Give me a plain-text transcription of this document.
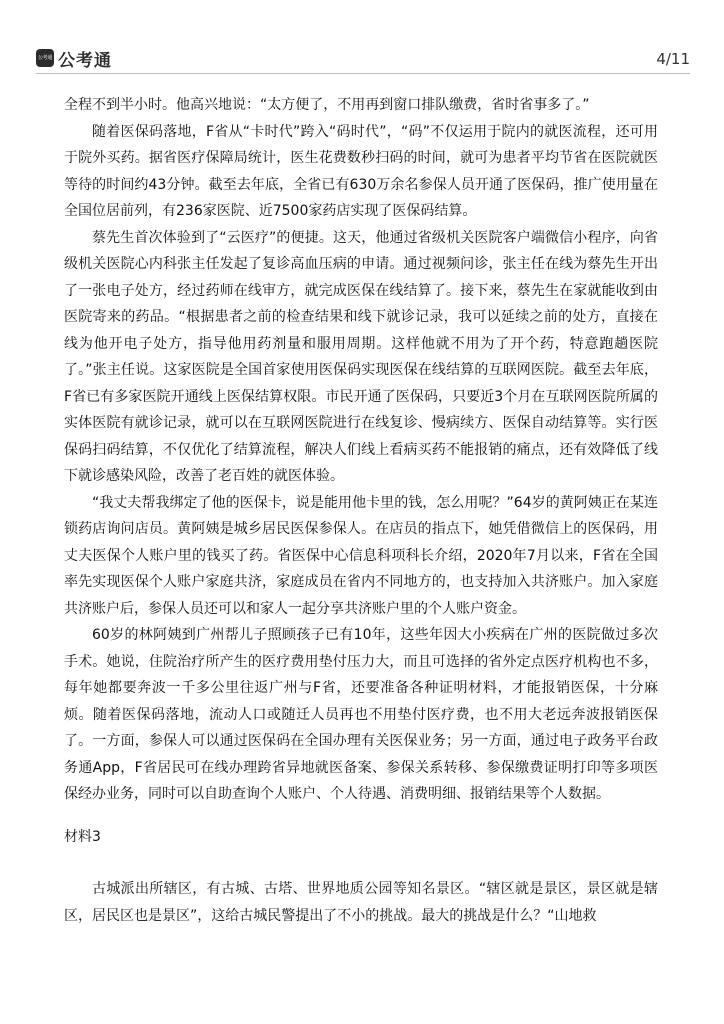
公考通 公考通	4/11

全程不到半小时。他高兴地说：“太方便了，不用再到窗口排队缴费，省时省事多了。”

随着医保码落地，F省从“卡时代”跨入“码时代”，“码”不仅运用于院内的就医流程，还可用于院外买药。据省医疗保障局统计，医生花费数秒扫码的时间，就可为患者平均节省在医院就医等待的时间约43分钟。截至去年底，全省已有630万余名参保人员开通了医保码，推广使用量在全国位居前列，有236家医院、近7500家药店实现了医保码结算。

蔡先生首次体验到了“云医疗”的便捷。这天，他通过省级机关医院客户端微信小程序，向省级机关医院心内科张主任发起了复诊高血压病的申请。通过视频问诊，张主任在线为蔡先生开出了一张电子处方，经过药师在线审方，就完成医保在线结算了。接下来，蔡先生在家就能收到由医院寄来的药品。“根据患者之前的检查结果和线下就诊记录，我可以延续之前的处方，直接在线为他开电子处方，指导他用药剂量和服用周期。这样他就不用为了开个药，特意跑趟医院了。”张主任说。这家医院是全国首家使用医保码实现医保在线结算的互联网医院。截至去年底，F省已有多家医院开通线上医保结算权限。市民开通了医保码，只要近3个月在互联网医院所属的实体医院有就诊记录，就可以在互联网医院进行在线复诊、慢病续方、医保自动结算等。实行医保码扫码结算，不仅优化了结算流程，解决人们线上看病买药不能报销的痛点，还有效降低了线下就诊感染风险，改善了老百姓的就医体验。

“我丈夫帮我绑定了他的医保卡，说是能用他卡里的钱，怎么用呢？”64岁的黄阿姨正在某连锁药店询问店员。黄阿姨是城乡居民医保参保人。在店员的指点下，她凭借微信上的医保码，用丈夫医保个人账户里的钱买了药。省医保中心信息科项科长介绍，2020年7月以来，F省在全国率先实现医保个人账户家庭共济，家庭成员在省内不同地方的，也支持加入共济账户。加入家庭共济账户后，参保人员还可以和家人一起分享共济账户里的个人账户资金。

60岁的林阿姨到广州帮儿子照顾孩子已有10年，这些年因大小疾病在广州的医院做过多次手术。她说，住院治疗所产生的医疗费用垫付压力大，而且可选择的省外定点医疗机构也不多，每年她都要奔波一千多公里往返广州与F省，还要准备各种证明材料，才能报销医保，十分麻烦。随着医保码落地，流动人口或随迁人员再也不用垫付医疗费，也不用大老远奔波报销医保了。一方面，参保人可以通过医保码在全国办理有关医保业务；另一方面，通过电子政务平台政务通App，F省居民可在线办理跨省异地就医备案、参保关系转移、参保缴费证明打印等多项医保经办业务，同时可以自助查询个人账户、个人待遇、消费明细、报销结果等个人数据。

材料3

古城派出所辖区，有古城、古塔、世界地质公园等知名景区。“辖区就是景区，景区就是辖区，居民区也是景区”，这给古城民警提出了不小的挑战。最大的挑战是什么？“山地救
